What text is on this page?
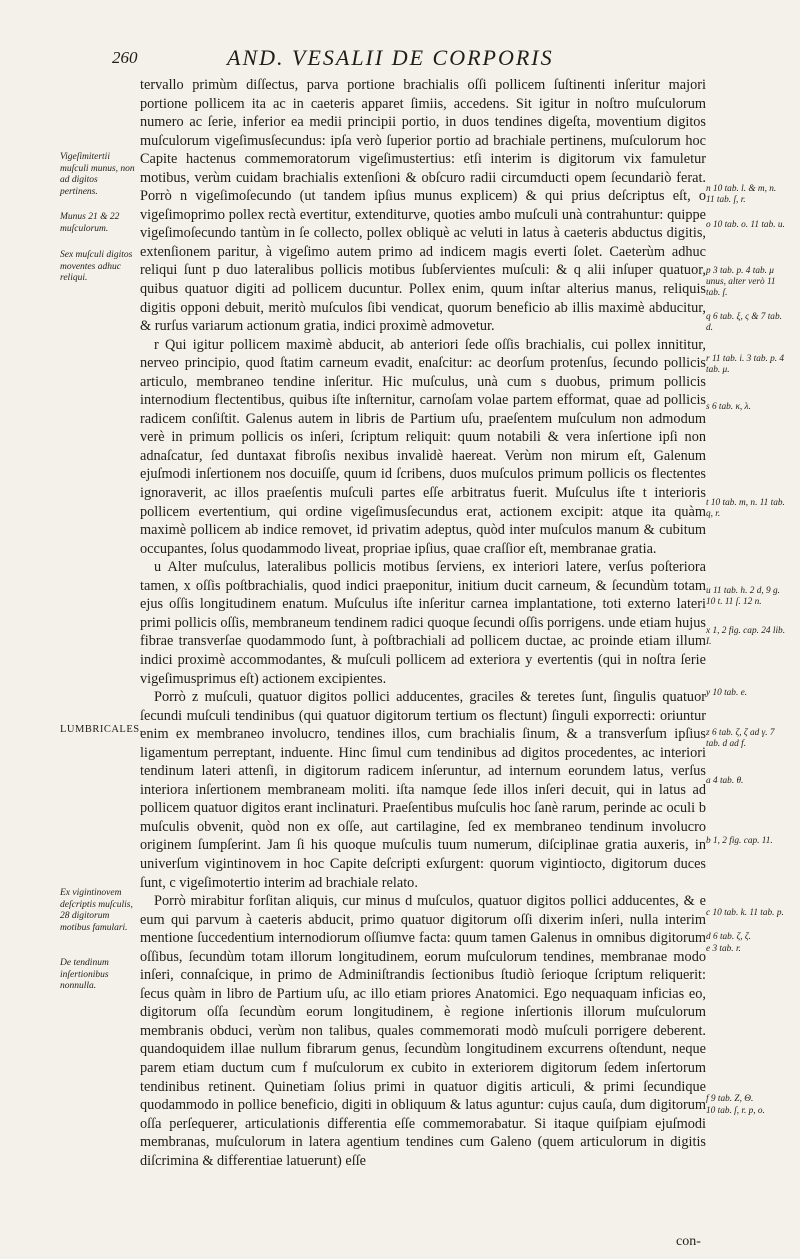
260	AND. VESALII DE CORPORIS

tervallo primùm diſſectus, parva portione brachialis oſſi pollicem ſuſtinenti inſeritur majori portione pollicem ita ac in caeteris apparet ſimiis, accedens. Sit igitur in noſtro muſculorum numero ac ſerie, inferior ea medii principii portio, in duos tendines digeſta, moventium digitos muſculorum vigeſimusſecundus: ipſa verò ſuperior portio ad brachiale pertinens, muſculorum hoc Capite hactenus commemoratorum vigeſimustertius: etſi interim is digitorum vix famuletur motibus, verùm cuidam brachialis extenſioni & obſcuro radii circumducti opem ſecundariò ferat. Porrò n vigeſimoſecundo (ut tandem ipſius munus explicem) & qui prius deſcriptus eſt, o vigeſimoprimo pollex rectà evertitur, extenditurve, quoties ambo muſculi unà contrahuntur: quippe vigeſimoſecundo tantùm in ſe collecto, pollex obliquè ac veluti in latus à caeteris abductus digitis, extenſionem paritur, à vigeſimo autem primo ad indicem magis everti ſolet. Caeterùm adhuc reliqui ſunt p duo lateralibus pollicis motibus ſubſervientes muſculi: & q alii inſuper quatuor, quibus quatuor digiti ad pollicem ducuntur. Pollex enim, quum inſtar alterius manus, reliquis digitis opponi debuit, meritò muſculos ſibi vendicat, quorum beneficio ab illis maximè abducitur, & rurſus variarum actionum gratia, indici proximè admovetur.

r Qui igitur pollicem maximè abducit, ab anteriori ſede oſſis brachialis, cui pollex innititur, nerveo principio, quod ſtatim carneum evadit, enaſcitur: ac deorſum protenſus, ſecundo pollicis articulo, membraneo tendine inſeritur. Hic muſculus, unà cum s duobus, primum pollicis internodium flectentibus, quibus iſte inſternitur, carnoſam volae partem efformat, quae ad pollicis radicem conſiſtit. Galenus autem in libris de Partium uſu, praeſentem muſculum non admodum verè in primum pollicis os inſeri, ſcriptum reliquit: quum notabili & vera inſertione ipſi non adnaſcatur, ſed duntaxat fibroſis nexibus invalidè haereat. Verùm non mirum eſt, Galenum ejuſmodi inſertionem nos docuiſſe, quum id ſcribens, duos muſculos primum pollicis os flectentes ignoraverit, ac illos praeſentis muſculi partes eſſe arbitratus fuerit. Muſculus iſte t interioris pollicem evertentium, qui ordine vigeſimusſecundus erat, actionem excipit: atque ita quàm maximè pollicem ab indice removet, id privatim adeptus, quòd inter muſculos manum & cubitum occupantes, ſolus quodammodo liveat, propriae ipſius, quae craſſior eſt, membranae gratia.

u Alter muſculus, lateralibus pollicis motibus ſerviens, ex interiori latere, verſus poſteriora tamen, x oſſis poſtbrachialis, quod indici praeponitur, initium ducit carneum, & ſecundùm totam ejus oſſis longitudinem enatum. Muſculus iſte inſeritur carnea implantatione, toti externo lateri primi pollicis oſſis, membraneum tendinem radici quoque ſecundi oſſis porrigens. unde etiam hujus fibrae transverſae quodammodo ſunt, à poſtbrachiali ad pollicem ductae, ac proinde etiam illum indici proximè accommodantes, & muſculi pollicem ad exteriora y evertentis (qui in noſtra ſerie vigeſimusprimus eſt) actionem excipientes.

Porrò z muſculi, quatuor digitos pollici adducentes, graciles & teretes ſunt, ſingulis quatuor ſecundi muſculi tendinibus (qui quatuor digitorum tertium os flectunt) ſinguli exporrecti: oriuntur enim ex membraneo involucro, tendines illos, cum brachialis ſinum, & a transverſum ipſius ligamentum perreptant, induente. Hinc ſimul cum tendinibus ad digitos procedentes, ac interiori tendinum lateri attenſi, in digitorum radicem inſeruntur, ad internum eorundem latus, verſus interiora inſertionem membraneam moliti. iſta namque ſede illos inſeri decuit, qui in latus ad pollicem quatuor digitos erant inclinaturi. Praeſentibus muſculis hoc ſanè rarum, perinde ac oculi b muſculis obvenit, quòd non ex oſſe, aut cartilagine, ſed ex membraneo tendinum involucro originem ſumpſerint. Jam ſi his quoque muſculis tuum numerum, diſciplinae gratia auxeris, in univerſum vigintinovem in hoc Capite deſcripti exſurgent: quorum vigintiocto, digitorum duces ſunt, c vigeſimotertio interim ad brachiale relato.

Porrò mirabitur forſitan aliquis, cur minus d muſculos, quatuor digitos pollici adducentes, & e eum qui parvum à caeteris abducit, primo quatuor digitorum oſſi dixerim inſeri, nulla interim mentione ſuccedentium internodiorum oſſiumve facta: quum tamen Galenus in omnibus digitorum oſſibus, ſecundùm totam illorum longitudinem, eorum muſculorum tendines, membranae modo inſeri, connaſcique, in primo de Adminiſtrandis ſectionibus ſtudiò ſerioque ſcriptum reliquerit: ſecus quàm in libro de Partium uſu, ac illo etiam priores Anatomici. Ego nequaquam inficias eo, digitorum oſſa ſecundùm eorum longitudinem, è regione inſertionis illorum muſculorum membranis obduci, verùm non talibus, quales commemorati modò muſculi porrigere deberent. quandoquidem illae nullum fibrarum genus, ſecundùm longitudinem excurrens oſtendunt, neque parem etiam ductum cum f muſculorum ex cubito in exteriorem digitorum ſedem inſertorum tendinibus retinent. Quinetiam ſolius primi in quatuor digitis articuli, & primi ſecundique quodammodo in pollice beneficio, digiti in obliquum & latus aguntur: cujus cauſa, dum digitorum oſſa perſequerer, articulationis differentia eſſe commemorabatur. Si itaque quiſpiam ejuſmodi membranas, muſculorum in latera agentium tendines cum Galeno (quem articulorum in digitis diſcrimina & differentiae latuerunt) eſſe

Vigeſimitertii muſculi munus, non ad digitos pertinens.
Munus 21 & 22 muſculorum.
Sex muſculi digitos moventes adhuc reliqui.
LUMBRICALES.
Ex vigintinovem deſcriptis muſculis, 28 digitorum motibus famulari.
De tendinum inſertionibus nonnulla.
n 10 tab. l. & m, n. 11 tab. ſ, r.
o 10 tab. o. 11 tab. u.
p 3 tab. p. 4 tab. μ unus, alter verò 11 tab. ſ.
q 6 tab. ξ, ς & 7 tab. d.
r 11 tab. i. 3 tab. p. 4 tab. μ.
s 6 tab. κ, λ.
t 10 tab. m, n. 11 tab. q, r.
u 11 tab. h. 2 d, 9 g. 10 t. 11 ſ. 12 n.
x 1, 2 fig. cap. 24 lib. I.
y 10 tab. e.
z 6 tab. ζ, ζ ad γ. 7 tab. d ad f.
a 4 tab. θ.
b 1, 2 fig. cap. 11.
c 10 tab. k. 11 tab. p.
d 6 tab. ζ, ζ.
e 3 tab. r.
f 9 tab. Z, Θ.
10 tab. ſ, r. p, o.
con-
